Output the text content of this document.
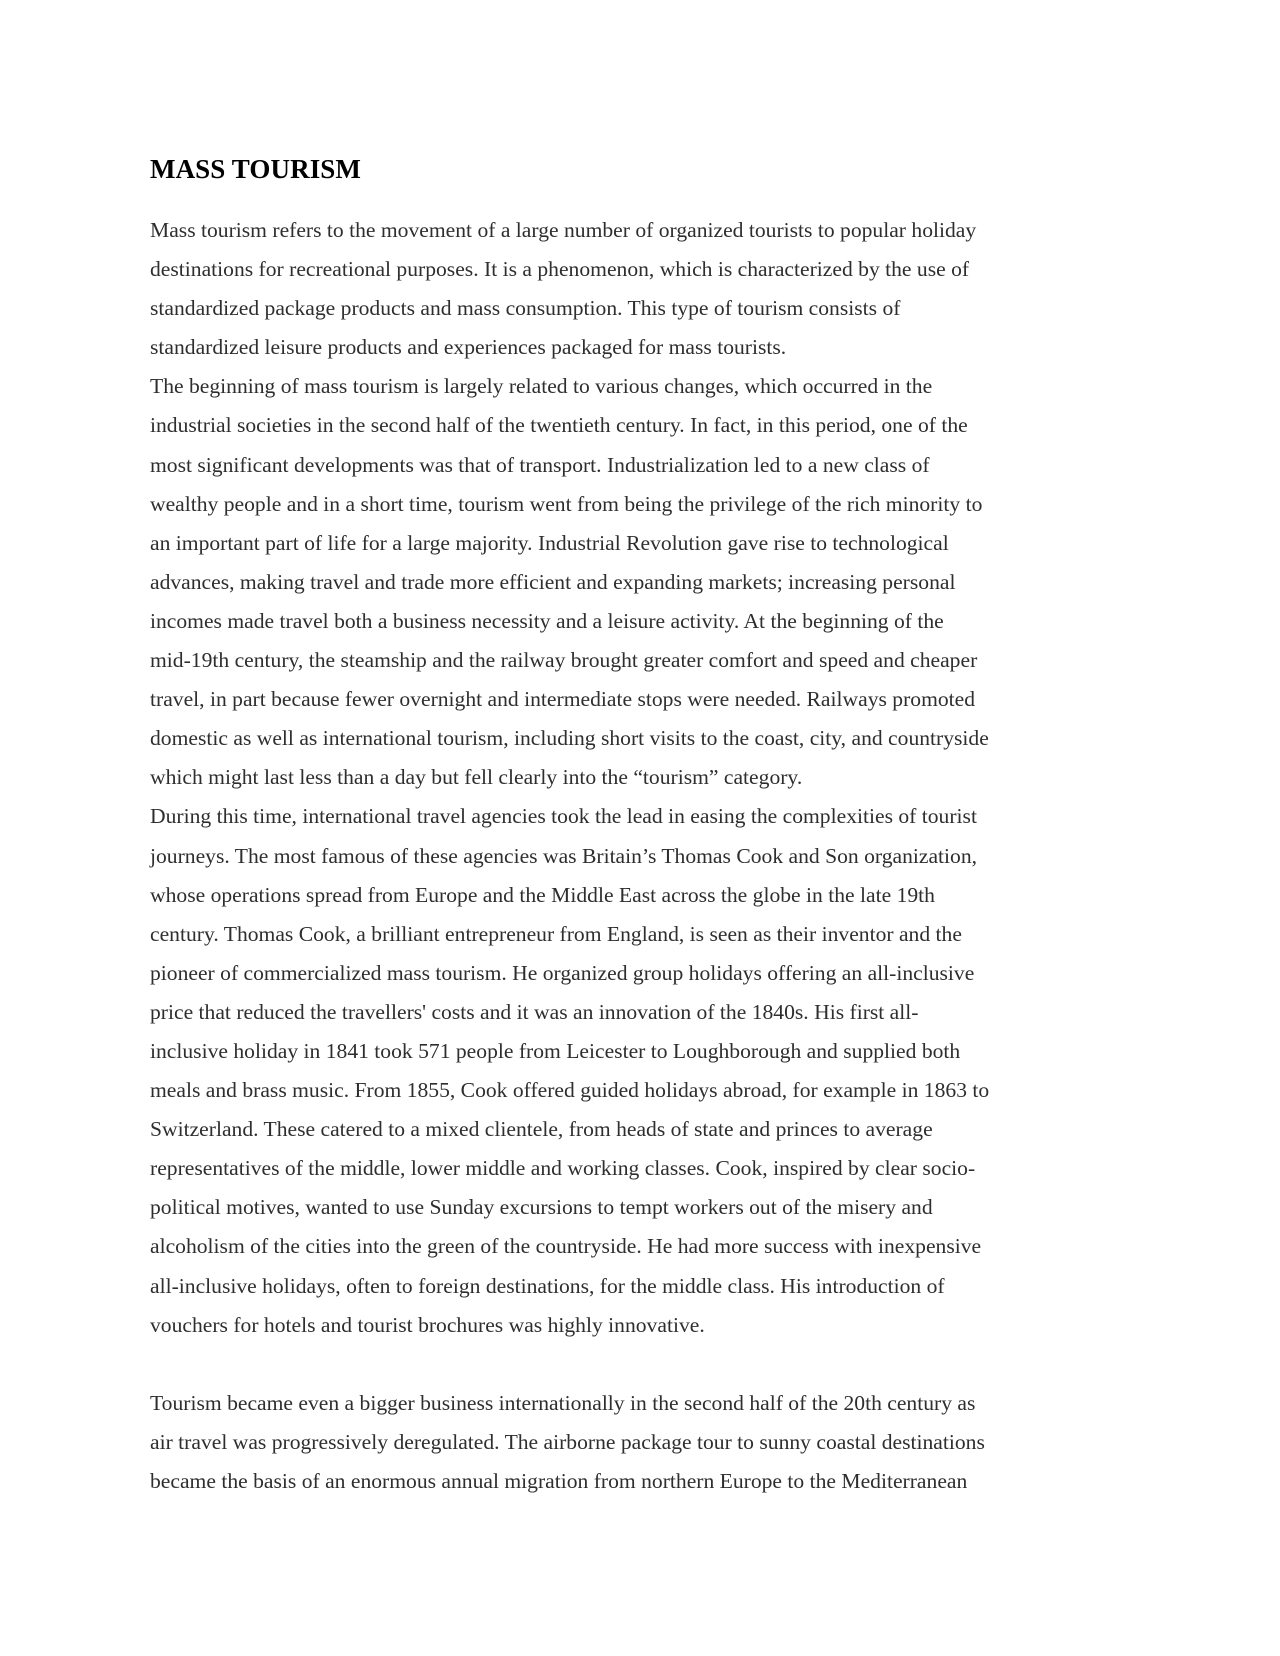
MASS TOURISM

Mass tourism refers to the movement of a large number of organized tourists to popular holiday
destinations for recreational purposes. It is a phenomenon, which is characterized by the use of
standardized package products and mass consumption. This type of tourism consists of
standardized leisure products and experiences packaged for mass tourists.

The beginning of mass tourism is largely related to various changes, which occurred in the
industrial societies in the second half of the twentieth century. In fact, in this period, one of the
most significant developments was that of transport. Industrialization led to a new class of
wealthy people and in a short time, tourism went from being the privilege of the rich minority to
an important part of life for a large majority. Industrial Revolution gave rise to technological
advances, making travel and trade more efficient and expanding markets; increasing personal
incomes made travel both a business necessity and a leisure activity. At the beginning of the
mid-19th century, the steamship and the railway brought greater comfort and speed and cheaper
travel, in part because fewer overnight and intermediate stops were needed. Railways promoted
domestic as well as international tourism, including short visits to the coast, city, and countryside
which might last less than a day but fell clearly into the “tourism” category.

During this time, international travel agencies took the lead in easing the complexities of tourist
journeys. The most famous of these agencies was Britain’s Thomas Cook and Son organization,
whose operations spread from Europe and the Middle East across the globe in the late 19th
century. Thomas Cook, a brilliant entrepreneur from England, is seen as their inventor and the
pioneer of commercialized mass tourism. He organized group holidays offering an all-inclusive
price that reduced the travellers' costs and it was an innovation of the 1840s. His first all-
inclusive holiday in 1841 took 571 people from Leicester to Loughborough and supplied both
meals and brass music. From 1855, Cook offered guided holidays abroad, for example in 1863 to
Switzerland. These catered to a mixed clientele, from heads of state and princes to average
representatives of the middle, lower middle and working classes. Cook, inspired by clear socio-
political motives, wanted to use Sunday excursions to tempt workers out of the misery and
alcoholism of the cities into the green of the countryside. He had more success with inexpensive
all-inclusive holidays, often to foreign destinations, for the middle class. His introduction of
vouchers for hotels and tourist brochures was highly innovative.

Tourism became even a bigger business internationally in the second half of the 20th century as
air travel was progressively deregulated. The airborne package tour to sunny coastal destinations
became the basis of an enormous annual migration from northern Europe to the Mediterranean
